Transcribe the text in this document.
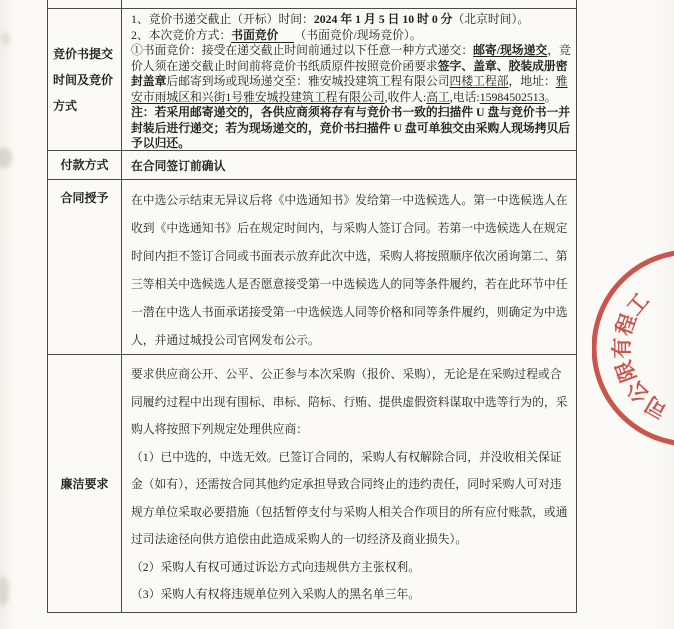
竞价书提交时间及竞价方式

1、竞价书递交截止（开标）时间：2024 年 1 月 5 日 10 时 0 分（北京时间）。

2、本次竞价方式：书面竞价 （书面竞价/现场竞价）。

①书面竞价：接受在递交截止时间前通过以下任意一种方式递交：邮寄/现场递交，竞价人须在递交截止时间前将竞价书纸质原件按照竞价函要求签字、盖章、胶装成册密封盖章后邮寄到场或现场递交至：雅安城投建筑工程有限公司四楼工程部，地址：雅安市雨城区和兴街1号雅安城投建筑工程有限公司,收件人:高工,电话:15984502513。

注：若采用邮寄递交的，各供应商须将存有与竞价书一致的扫描件 U 盘与竞价书一并封装后进行递交；若为现场递交的，竞价书扫描件 U 盘可单独交由采购人现场拷贝后予以归还。

付款方式	在合同签订前确认
合同授予	在中选公示结束无异议后将《中选通知书》发给第一中选候选人。第一中选候选人在收到《中选通知书》后在规定时间内，与采购人签订合同。若第一中选候选人在规定时间内拒不签订合同或书面表示放弃此次中选，采购人将按照顺序依次函询第二、第三等相关中选候选人是否愿意接受第一中选候选人的同等条件履约，若在此环节中任一潜在中选人书面承诺接受第一中选候选人同等价格和同等条件履约，则确定为中选人，并通过城投公司官网发布公示。
廉洁要求

要求供应商公开、公平、公正参与本次采购（报价、采购），无论是在采购过程或合同履约过程中出现有围标、串标、陪标、行贿、提供虚假资料谋取中选等行为的，采购人将按照下列规定处理供应商：

（1）已中选的，中选无效。已签订合同的，采购人有权解除合同，并没收相关保证金（如有），还需按合同其他约定承担导致合同终止的违约责任，同时采购人可对违规方单位采取必要措施（包括暂停支付与采购人相关合作项目的所有应付账款，或通过司法途径向供方追偿由此造成采购人的一切经济及商业损失）。

（2）采购人有权可通过诉讼方式向违规供方主张权利。

（3）采购人有权将违规单位列入采购人的黑名单三年。

工
程
有
限
公
司
